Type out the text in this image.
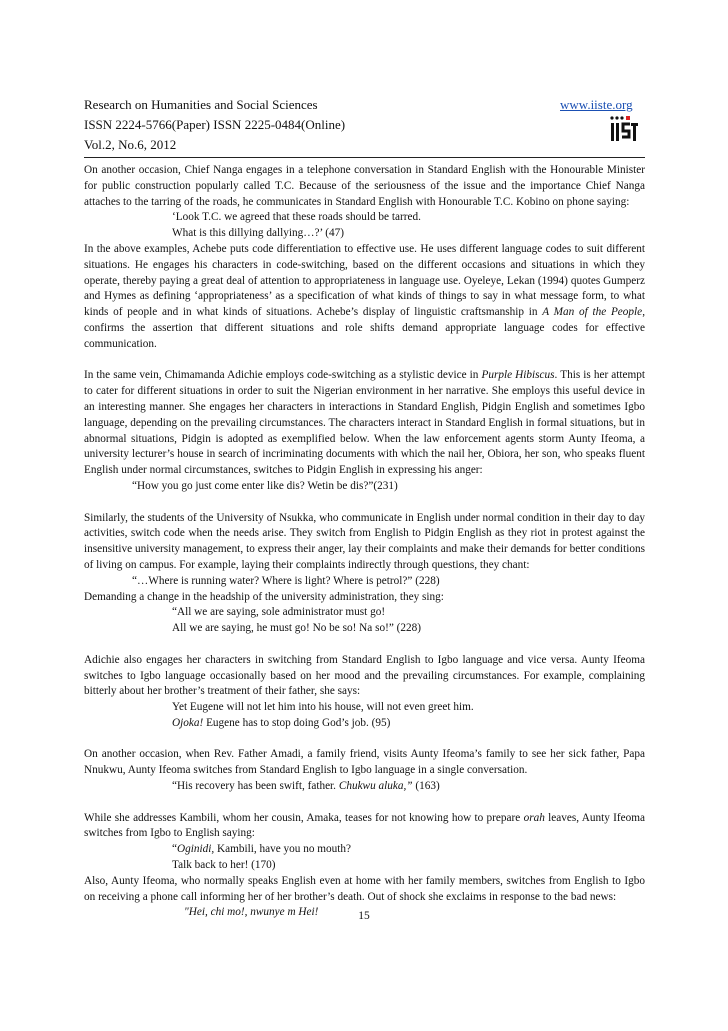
Research on Humanities and Social Sciences
ISSN 2224-5766(Paper) ISSN 2225-0484(Online)
Vol.2, No.6, 2012
www.iiste.org

On another occasion, Chief Nanga engages in a telephone conversation in Standard English with the Honourable Minister for public construction popularly called T.C. Because of the seriousness of the issue and the importance Chief Nanga attaches to the tarring of the roads, he communicates in Standard English with Honourable T.C. Kobino on phone saying:

‘Look T.C. we agreed that these roads should be tarred.

What is this dillying dallying…?’ (47)

In the above examples, Achebe puts code differentiation to effective use. He uses different language codes to suit different situations. He engages his characters in code-switching, based on the different occasions and situations in which they operate, thereby paying a great deal of attention to appropriateness in language use. Oyeleye, Lekan (1994) quotes Gumperz and Hymes as defining ‘appropriateness’ as a specification of what kinds of things to say in what message form, to what kinds of people and in what kinds of situations. Achebe’s display of linguistic craftsmanship in A Man of the People, confirms the assertion that different situations and role shifts demand appropriate language codes for effective communication.

In the same vein, Chimamanda Adichie employs code-switching as a stylistic device in Purple Hibiscus. This is her attempt to cater for different situations in order to suit the Nigerian environment in her narrative. She employs this useful device in an interesting manner. She engages her characters in interactions in Standard English, Pidgin English and sometimes Igbo language, depending on the prevailing circumstances. The characters interact in Standard English in formal situations, but in abnormal situations, Pidgin is adopted as exemplified below. When the law enforcement agents storm Aunty Ifeoma, a university lecturer’s house in search of incriminating documents with which the nail her, Obiora, her son, who speaks fluent English under normal circumstances, switches to Pidgin English in expressing his anger:

“How you go just come enter like dis? Wetin be dis?”(231)

Similarly, the students of the University of Nsukka, who communicate in English under normal condition in their day to day activities, switch code when the needs arise. They switch from English to Pidgin English as they riot in protest against the insensitive university management, to express their anger, lay their complaints and make their demands for better conditions of living on campus. For example, laying their complaints indirectly through questions, they chant:

“…Where is running water? Where is light? Where is petrol?” (228)

Demanding a change in the headship of the university administration, they sing:

“All we are saying, sole administrator must go!

All we are saying, he must go! No be so! Na so!” (228)

Adichie also engages her characters in switching from Standard English to Igbo language and vice versa. Aunty Ifeoma switches to Igbo language occasionally based on her mood and the prevailing circumstances. For example, complaining bitterly about her brother’s treatment of their father, she says:

Yet Eugene will not let him into his house, will not even greet him.

Ojoka! Eugene has to stop doing God’s job. (95)

On another occasion, when Rev. Father Amadi, a family friend, visits Aunty Ifeoma’s family to see her sick father, Papa Nnukwu, Aunty Ifeoma switches from Standard English to Igbo language in a single conversation.

“His recovery has been swift, father. Chukwu aluka,” (163)

While she addresses Kambili, whom her cousin, Amaka, teases for not knowing how to prepare orah leaves, Aunty Ifeoma switches from Igbo to English saying:

“Oginidi, Kambili, have you no mouth?

Talk back to her! (170)

Also, Aunty Ifeoma, who normally speaks English even at home with her family members, switches from English to Igbo on receiving a phone call informing her of her brother’s death. Out of shock she exclaims in response to the bad news:

"Hei, chi mo!, nwunye m Hei!	15
